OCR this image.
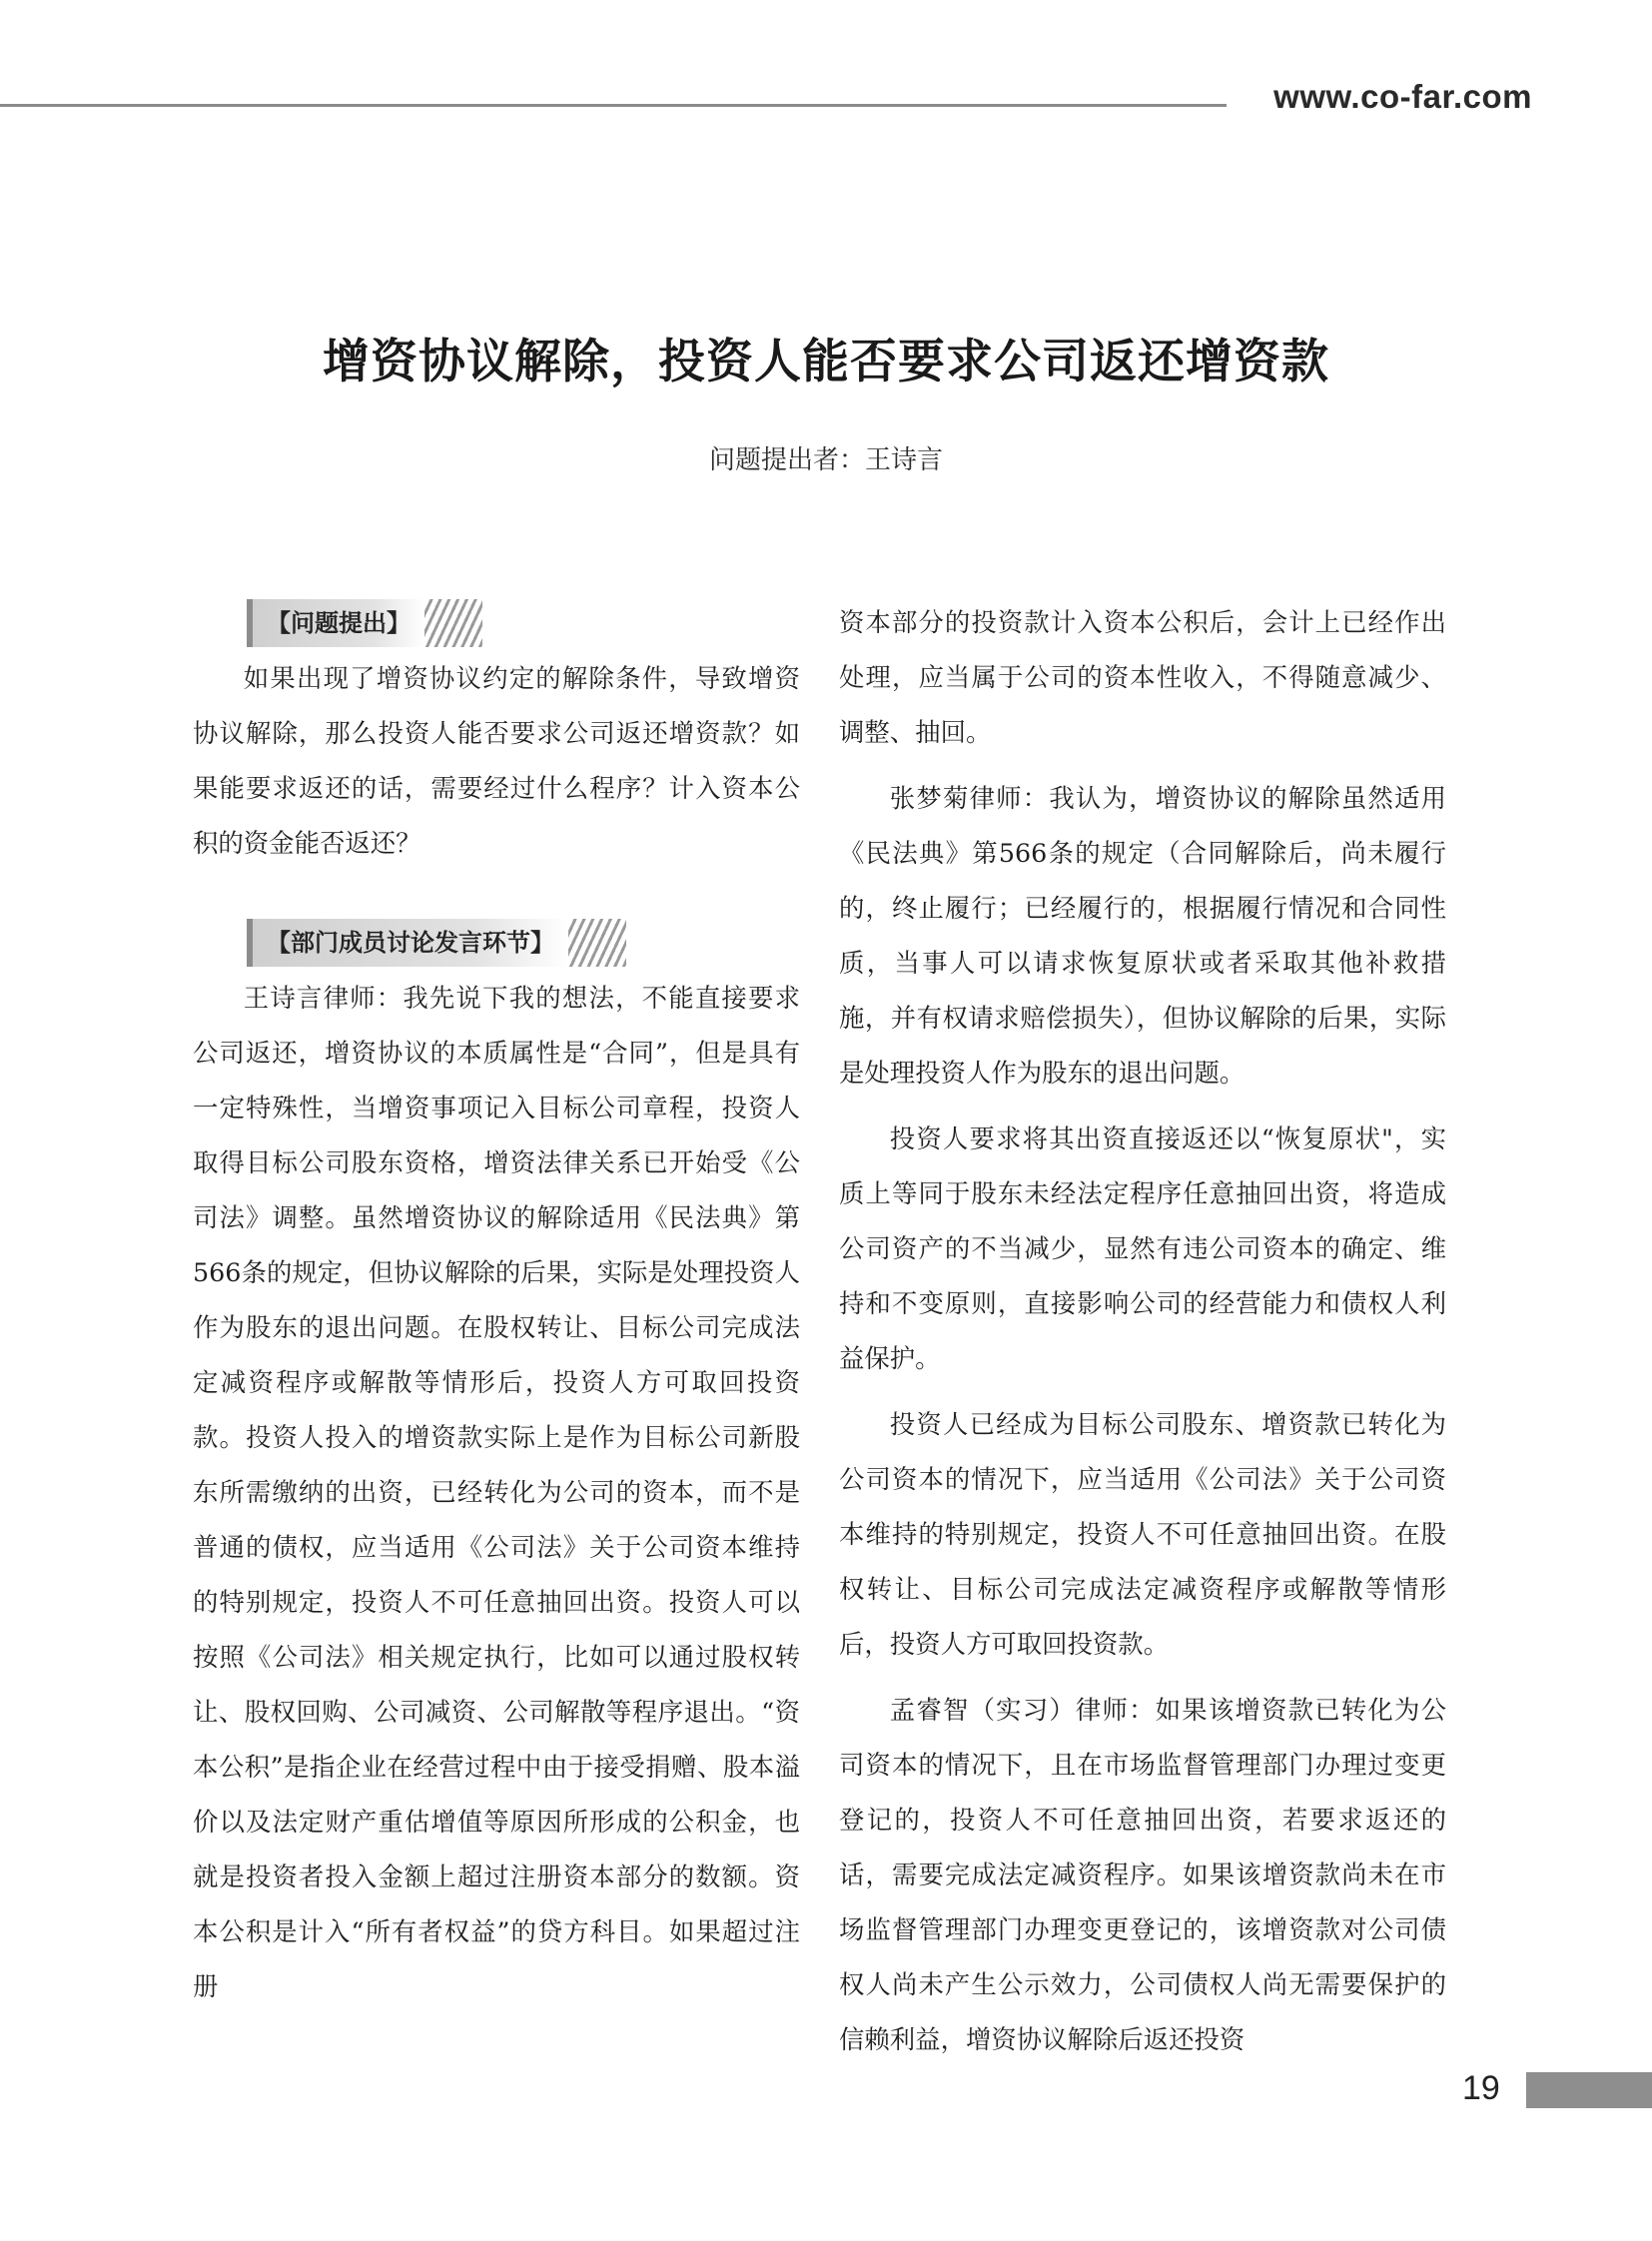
www.co-far.com
增资协议解除，投资人能否要求公司返还增资款
问题提出者：王诗言
【问题提出】

如果出现了增资协议约定的解除条件，导致增资协议解除，那么投资人能否要求公司返还增资款？如果能要求返还的话，需要经过什么程序？计入资本公积的资金能否返还？

【部门成员讨论发言环节】

王诗言律师：我先说下我的想法，不能直接要求公司返还，增资协议的本质属性是“合同”，但是具有一定特殊性，当增资事项记入目标公司章程，投资人取得目标公司股东资格，增资法律关系已开始受《公司法》调整。虽然增资协议的解除适用《民法典》第566条的规定，但协议解除的后果，实际是处理投资人作为股东的退出问题。在股权转让、目标公司完成法定减资程序或解散等情形后，投资人方可取回投资款。投资人投入的增资款实际上是作为目标公司新股东所需缴纳的出资，已经转化为公司的资本，而不是普通的债权，应当适用《公司法》关于公司资本维持的特别规定，投资人不可任意抽回出资。投资人可以按照《公司法》相关规定执行，比如可以通过股权转让、股权回购、公司减资、公司解散等程序退出。“资本公积”是指企业在经营过程中由于接受捐赠、股本溢价以及法定财产重估增值等原因所形成的公积金，也就是投资者投入金额上超过注册资本部分的数额。资本公积是计入“所有者权益”的贷方科目。如果超过注册

资本部分的投资款计入资本公积后，会计上已经作出处理，应当属于公司的资本性收入，不得随意减少、调整、抽回。

张梦菊律师：我认为，增资协议的解除虽然适用《民法典》第566条的规定（合同解除后，尚未履行的，终止履行；已经履行的，根据履行情况和合同性质，当事人可以请求恢复原状或者采取其他补救措施，并有权请求赔偿损失），但协议解除的后果，实际是处理投资人作为股东的退出问题。

投资人要求将其出资直接返还以“恢复原状"，实质上等同于股东未经法定程序任意抽回出资，将造成公司资产的不当减少，显然有违公司资本的确定、维持和不变原则，直接影响公司的经营能力和债权人利益保护。

投资人已经成为目标公司股东、增资款已转化为公司资本的情况下，应当适用《公司法》关于公司资本维持的特别规定，投资人不可任意抽回出资。在股权转让、目标公司完成法定减资程序或解散等情形后，投资人方可取回投资款。

孟睿智（实习）律师：如果该增资款已转化为公司资本的情况下，且在市场监督管理部门办理过变更登记的，投资人不可任意抽回出资，若要求返还的话，需要完成法定减资程序。如果该增资款尚未在市场监督管理部门办理变更登记的，该增资款对公司债权人尚未产生公示效力，公司债权人尚无需要保护的信赖利益，增资协议解除后返还投资

19
